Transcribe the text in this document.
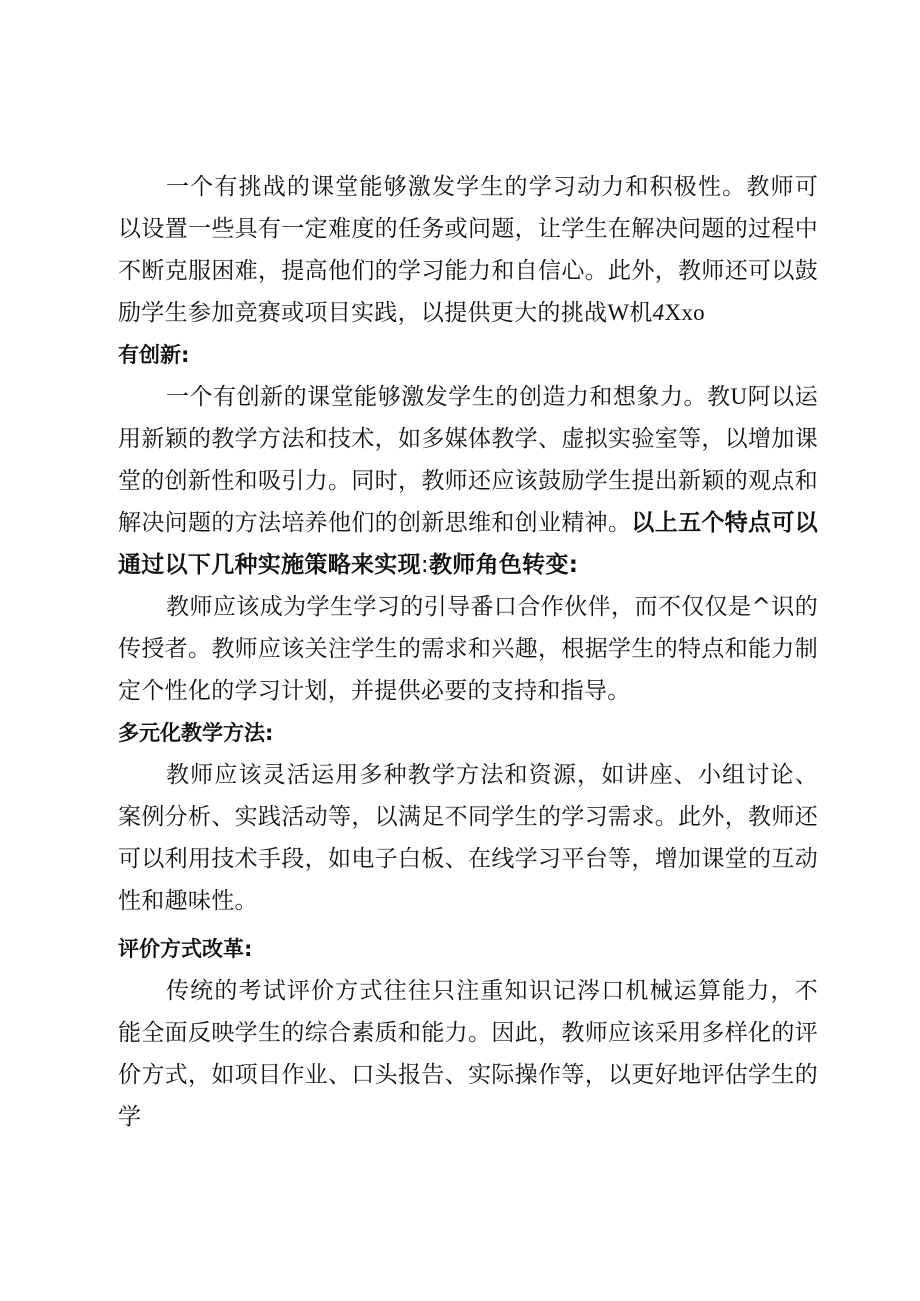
一个有挑战的课堂能够激发学生的学习动力和积极性。教师可以设置一些具有一定难度的任务或问题，让学生在解决问题的过程中不断克服困难，提高他们的学习能力和自信心。此外，教师还可以鼓励学生参加竞赛或项目实践，以提供更大的挑战W机4Xxo

有创新:

一个有创新的课堂能够激发学生的创造力和想象力。教U阿以运用新颖的教学方法和技术，如多媒体教学、虚拟实验室等，以增加课堂的创新性和吸引力。同时，教师还应该鼓励学生提出新颖的观点和解决问题的方法培养他们的创新思维和创业精神。以上五个特点可以通过以下几种实施策略来实现:教师角色转变:

教师应该成为学生学习的引导番口合作伙伴，而不仅仅是^识的传授者。教师应该关注学生的需求和兴趣，根据学生的特点和能力制定个性化的学习计划，并提供必要的支持和指导。

多元化教学方法:

教师应该灵活运用多种教学方法和资源，如讲座、小组讨论、案例分析、实践活动等，以满足不同学生的学习需求。此外，教师还可以利用技术手段，如电子白板、在线学习平台等，增加课堂的互动性和趣味性。

评价方式改革:

传统的考试评价方式往往只注重知识记涔口机械运算能力，不能全面反映学生的综合素质和能力。因此，教师应该采用多样化的评价方式，如项目作业、口头报告、实际操作等，以更好地评估学生的学
